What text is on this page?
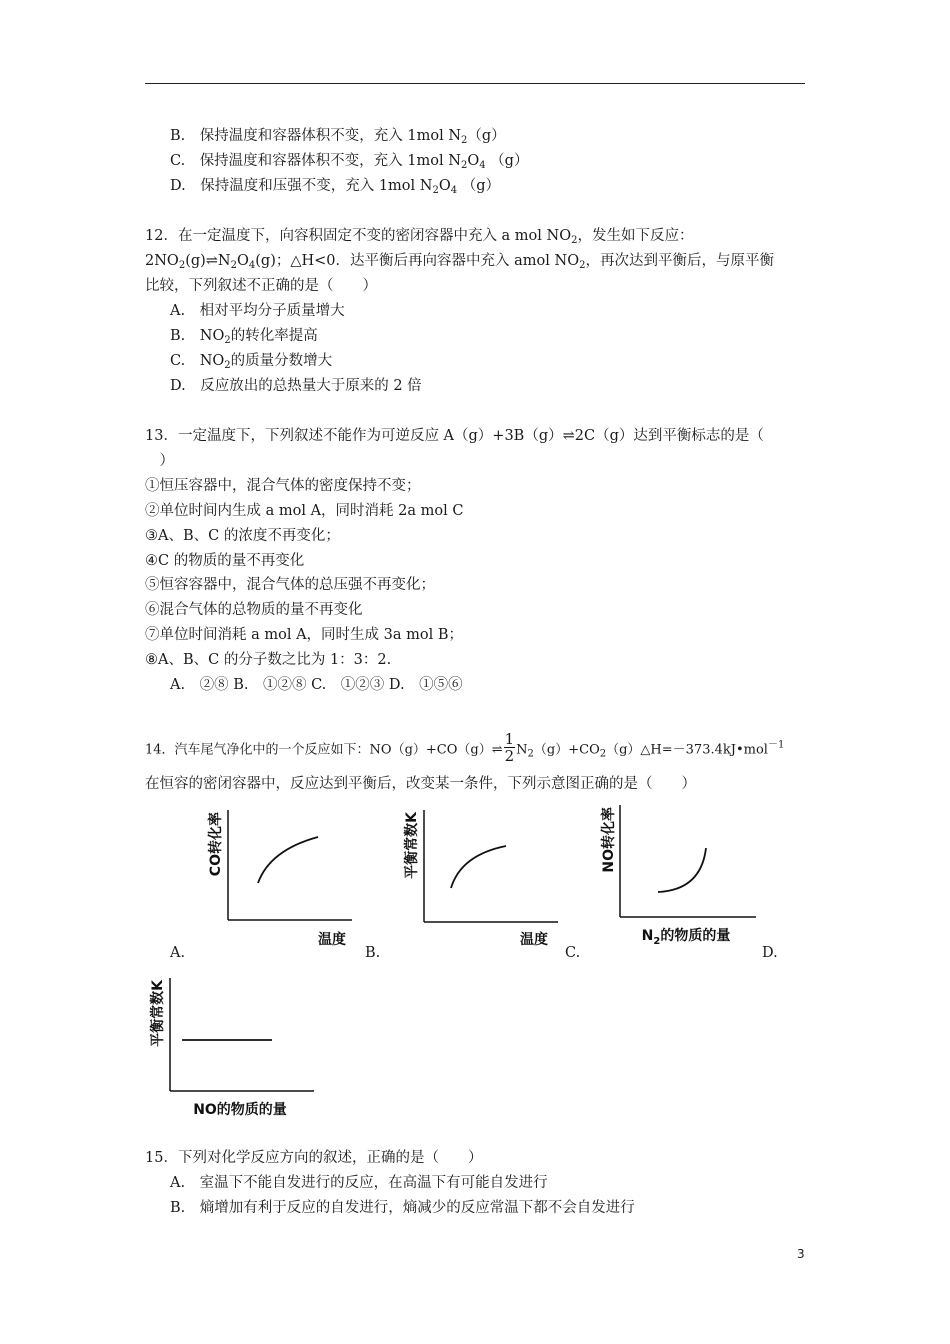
B.　 保持温度和容器体积不变，充入 1mol $N_2(g)$
C.　 保持温度和容器体积不变，充入 1mol $N_2O_4$ （g）
D.　 保持温度和压强不变，充入 1mol $N_2O_4$ （g）
12．在一定温度下，向容积固定不变的密闭容器中充入 a mol $NO_2$，发生如下反应：
$2NO_2(g)\rightleftharpoons N_2O_4(g)$；△H<0．达平衡后再向容器中充入 amol $NO_2$，再次达到平衡后，与原平衡
比较，下列叙述不正确的是（　　）
A.　 相对平均分子质量增大
B.　 $NO_2$的转化率提高
C.　 $NO_2$的质量分数增大
D.　 反应放出的总热量大于原来的 2 倍
13．一定温度下，下列叙述不能作为可逆反应 A（g）+3B（g）⇌2C（g）达到平衡标志的是（
　）
①恒压容器中，混合气体的密度保持不变；
②单位时间内生成 a mol A，同时消耗 2a mol C
③A、B、C 的浓度不再变化；
④C 的物质的量不再变化
⑤恒容容器中，混合气体的总压强不再变化；
⑥混合气体的总物质的量不再变化
⑦单位时间消耗 a mol A，同时生成 3a mol B；
⑧A、B、C 的分子数之比为 1：3：2.
A.　②⑧ B.　①②⑧ C.　①②③ D.　①⑤⑥
14．汽车尾气净化中的一个反应如下：NO（g）+CO（g）⇌ $\frac{1}{2}$ $N_2(g)+CO_2(g)\triangle H=-373.4kJ•mol^{-1}$
在恒容的密闭容器中，反应达到平衡后，改变某一条件，下列示意图正确的是（　　）
CO转化率
温度
A.
平衡常数K
温度
B.
NO转化率
$N_2$的物质的量
C.	D.
平衡常数K
NO的物质的量
15．下列对化学反应方向的叙述，正确的是（　　）
A.　 室温下不能自发进行的反应，在高温下有可能自发进行
B.　 熵增加有利于反应的自发进行，熵减少的反应常温下都不会自发进行
3
